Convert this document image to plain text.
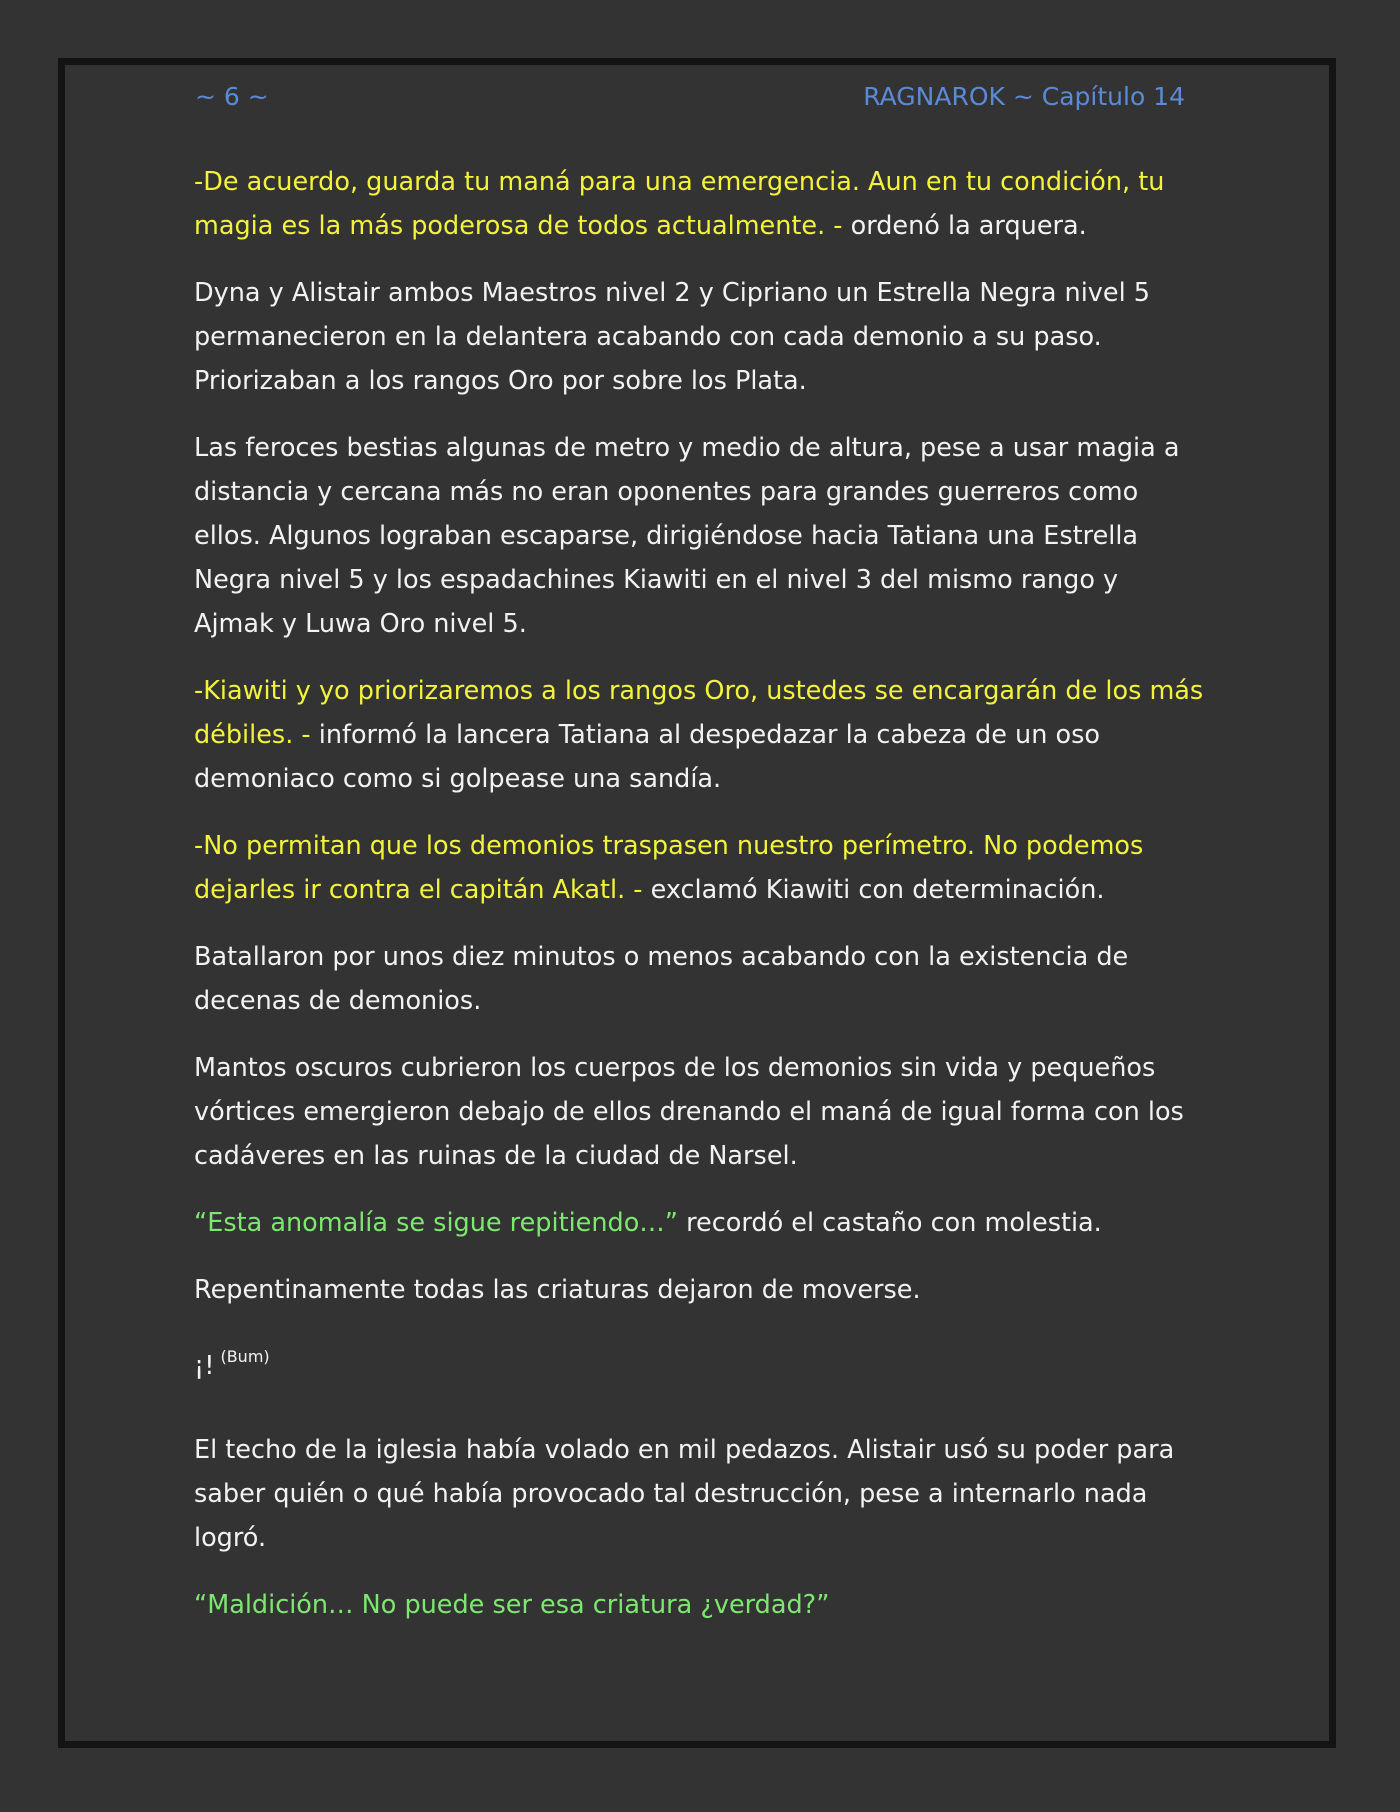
~ 6 ~	RAGNAROK ~ Capítulo 14

-De acuerdo, guarda tu maná para una emergencia. Aun en tu condición, tu magia es la más poderosa de todos actualmente. - ordenó la arquera.

Dyna y Alistair ambos Maestros nivel 2 y Cipriano un Estrella Negra nivel 5 permanecieron en la delantera acabando con cada demonio a su paso. Priorizaban a los rangos Oro por sobre los Plata.

Las feroces bestias algunas de metro y medio de altura, pese a usar magia a distancia y cercana más no eran oponentes para grandes guerreros como ellos. Algunos lograban escaparse, dirigiéndose hacia Tatiana una Estrella Negra nivel 5 y los espadachines Kiawiti en el nivel 3 del mismo rango y Ajmak y Luwa Oro nivel 5.

-Kiawiti y yo priorizaremos a los rangos Oro, ustedes se encargarán de los más débiles. - informó la lancera Tatiana al despedazar la cabeza de un oso demoniaco como si golpease una sandía.

-No permitan que los demonios traspasen nuestro perímetro. No podemos dejarles ir contra el capitán Akatl. - exclamó Kiawiti con determinación.

Batallaron por unos diez minutos o menos acabando con la existencia de decenas de demonios.

Mantos oscuros cubrieron los cuerpos de los demonios sin vida y pequeños vórtices emergieron debajo de ellos drenando el maná de igual forma con los cadáveres en las ruinas de la ciudad de Narsel.

“Esta anomalía se sigue repitiendo…” recordó el castaño con molestia.

Repentinamente todas las criaturas dejaron de moverse.

¡! $^{(Bum)}$

El techo de la iglesia había volado en mil pedazos. Alistair usó su poder para saber quién o qué había provocado tal destrucción, pese a internarlo nada logró.

“Maldición… No puede ser esa criatura ¿verdad?”
